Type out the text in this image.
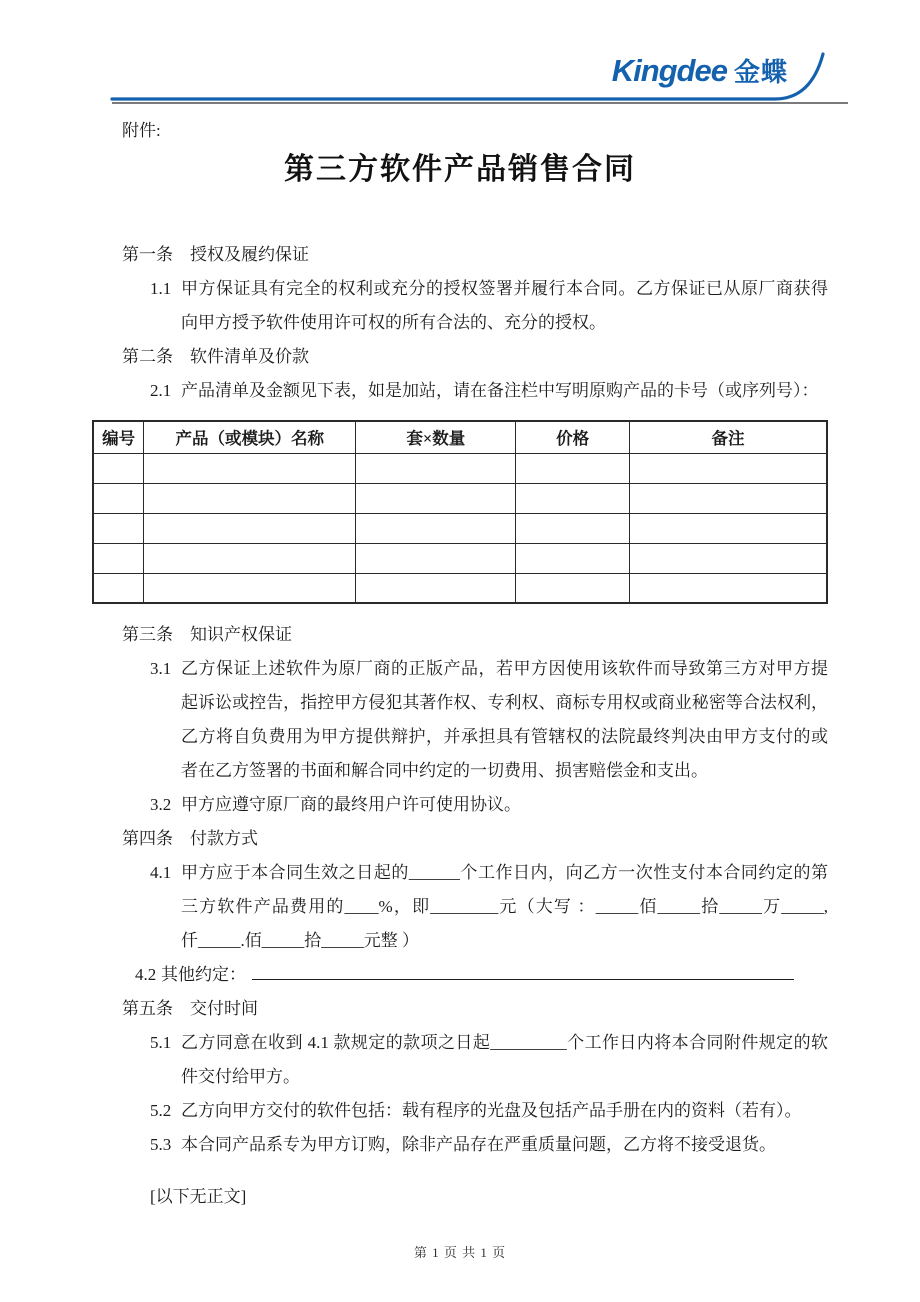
Kingdee 金蝶
附件:
第三方软件产品销售合同
第一条 授权及履约保证
1.1 甲方保证具有完全的权利或充分的授权签署并履行本合同。乙方保证已从原厂商获得
向甲方授予软件使用许可权的所有合法的、充分的授权。
第二条 软件清单及价款
2.1 产品清单及金额见下表，如是加站，请在备注栏中写明原购产品的卡号（或序列号）：
编号	产品（或模块）名称	套×数量	价格	备注

第三条 知识产权保证
3.1 乙方保证上述软件为原厂商的正版产品，若甲方因使用该软件而导致第三方对甲方提
起诉讼或控告，指控甲方侵犯其著作权、专利权、商标专用权或商业秘密等合法权利，
乙方将自负费用为甲方提供辩护，并承担具有管辖权的法院最终判决由甲方支付的或
者在乙方签署的书面和解合同中约定的一切费用、损害赔偿金和支出。
3.2 甲方应遵守原厂商的最终用户许可使用协议。
第四条 付款方式
4.1 甲方应于本合同生效之日起的______个工作日内，向乙方一次性支付本合同约定的第
三方软件产品费用的____%，即________元（大写 ：_____佰_____拾_____万_____,
仟_____.佰_____拾_____元整 ）
4.2 其他约定：
第五条 交付时间
5.1 乙方同意在收到 4.1 款规定的款项之日起_________个工作日内将本合同附件规定的软
件交付给甲方。
5.2 乙方向甲方交付的软件包括：载有程序的光盘及包括产品手册在内的资料（若有）。
5.3 本合同产品系专为甲方订购，除非产品存在严重质量问题，乙方将不接受退货。
[以下无正文]
第 1 页 共 1 页
